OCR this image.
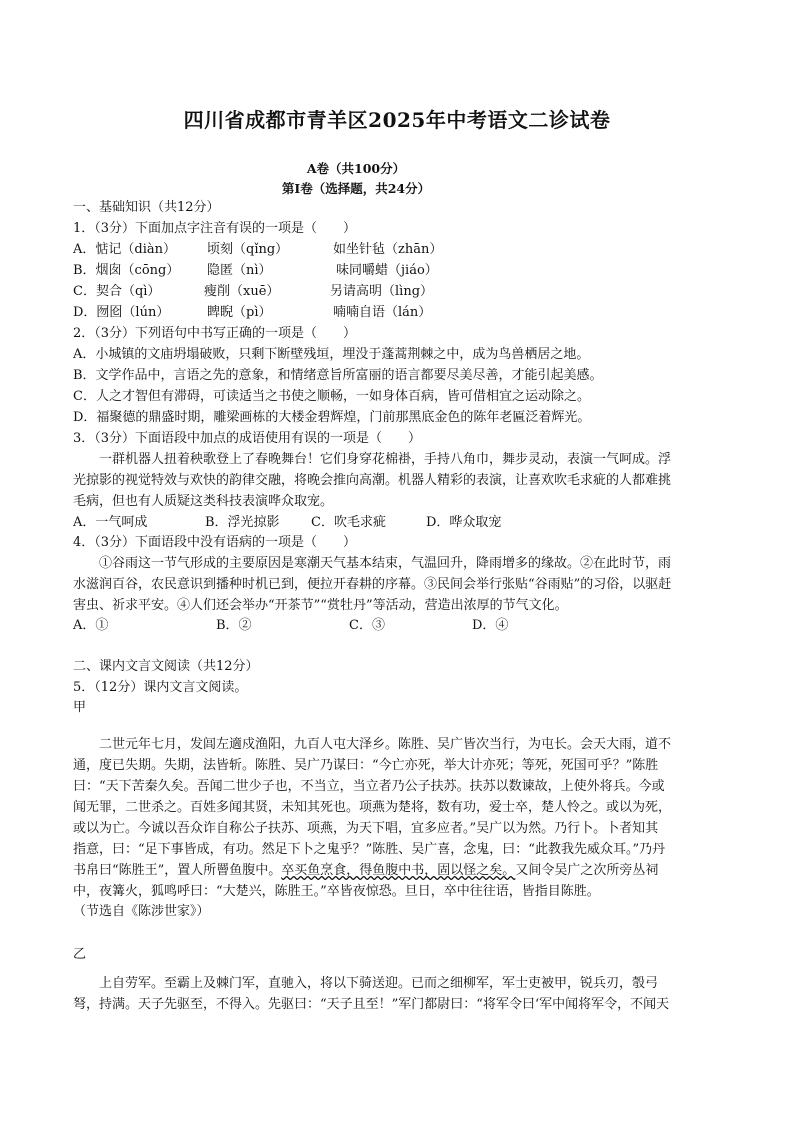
四川省成都市青羊区2025年中考语文二诊试卷
A卷（共100分）
第Ⅰ卷（选择题，共24分）
一、基础知识（共12分）
1．（3分）下面加点字注音有误的一项是（　　）
A．惦记（diàn） 顷刻（qǐng）	如坐针毡（zhān）
B．烟囱（cōng） 隐匿（nì）	味同嚼蜡（jiáo）
C．契合（qì）	瘦削（xuē）	另请高明（lìng）
D．囫囵（lún）	睥睨（pì）	喃喃自语（lán）
2．（3分）下列语句中书写正确的一项是（　　）
A．小城镇的文庙坍塌破败，只剩下断壁残垣，埋没于蓬蒿荆棘之中，成为鸟兽栖居之地。
B．文学作品中，言语之先的意象，和情绪意旨所富丽的语言都要尽美尽善，才能引起美感。
C．人之才智但有滞碍，可读适当之书使之顺畅，一如身体百病，皆可借相宜之运动除之。
D．福聚德的鼎盛时期，雕梁画栋的大楼金碧辉煌，门前那黑底金色的陈年老匾泛着辉光。
3．（3分）下面语段中加点的成语使用有误的一项是（　　）
一群机器人扭着秧歌登上了春晚舞台！它们身穿花棉褂，手持八角巾，舞步灵动，表演一气呵成。浮
光掠影的视觉特效与欢快的韵律交融，将晚会推向高潮。机器人精彩的表演，让喜欢吹毛求疵的人都难挑
毛病，但也有人质疑这类科技表演哗众取宠。
A．一气呵成	B．浮光掠影 C．吹毛求疵	D．哗众取宠
4．（3分）下面语段中没有语病的一项是（　　）
①谷雨这一节气形成的主要原因是寒潮天气基本结束，气温回升，降雨增多的缘故。②在此时节，雨
水滋润百谷，农民意识到播种时机已到，便拉开春耕的序幕。③民间会举行张贴“谷雨贴”的习俗，以驱赶
害虫、祈求平安。④人们还会举办“开茶节”“赏牡丹”等活动，营造出浓厚的节气文化。
A．①	B．②	C．③	D．④
二、课内文言文阅读（共12分）
5．（12分）课内文言文阅读。
甲
二世元年七月，发闾左適戍渔阳，九百人屯大泽乡。陈胜、吴广皆次当行，为屯长。会天大雨，道不
通，度已失期。失期，法皆斩。陈胜、吴广乃谋曰：“今亡亦死，举大计亦死；等死，死国可乎？”陈胜
曰：“天下苦秦久矣。吾闻二世少子也，不当立，当立者乃公子扶苏。扶苏以数谏故，上使外将兵。今或
闻无罪，二世杀之。百姓多闻其贤，未知其死也。项燕为楚将，数有功，爱士卒，楚人怜之。或以为死，
或以为亡。今诚以吾众诈自称公子扶苏、项燕，为天下唱，宜多应者。”吴广以为然。乃行卜。卜者知其
指意，曰：“足下事皆成，有功。然足下卜之鬼乎？”陈胜、吴广喜，念鬼，曰：“此教我先威众耳。”乃丹
书帛曰“陈胜王”，置人所罾鱼腹中。卒买鱼烹食，得鱼腹中书，固以怪之矣。又间令吴广之次所旁丛祠
中，夜篝火，狐鸣呼曰：“大楚兴，陈胜王。”卒皆夜惊恐。旦日，卒中往往语，皆指目陈胜。
（节选自《陈涉世家》）
乙
上自劳军。至霸上及棘门军，直驰入，将以下骑送迎。已而之细柳军，军士吏被甲，锐兵刃，彀弓
弩，持满。天子先驱至，不得入。先驱曰：“天子且至！”军门都尉曰：“将军令曰‘军中闻将军令，不闻天
